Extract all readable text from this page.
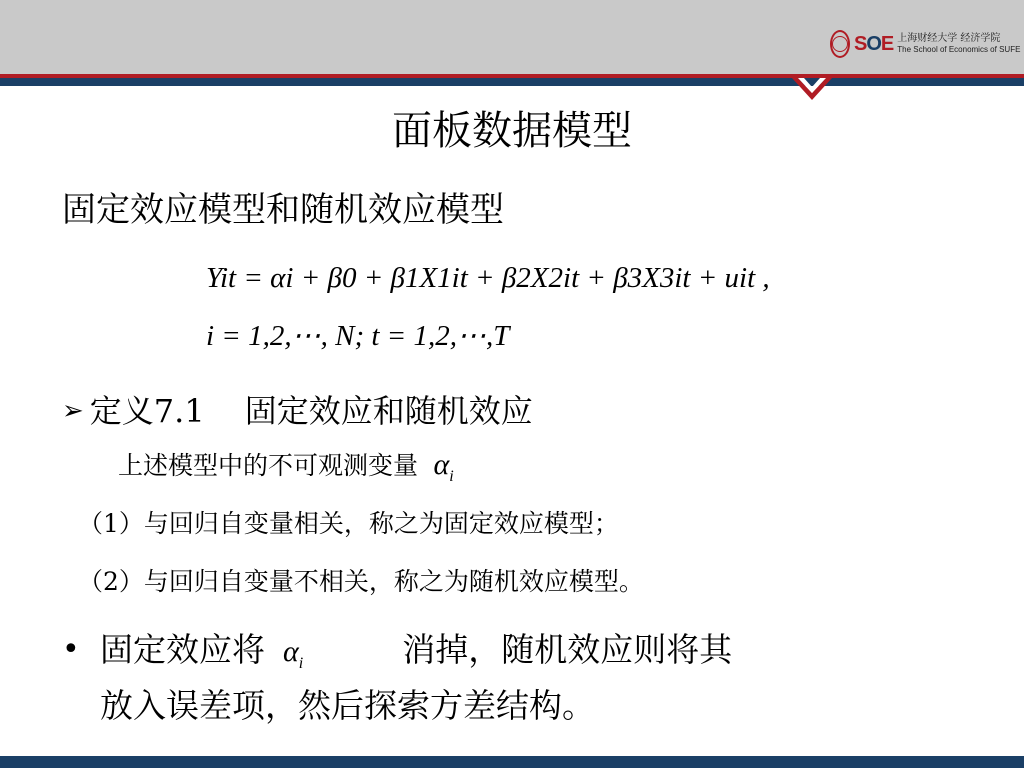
SOE 上海财经大学 经济学院
The School of Economics of SUFE
面板数据模型
固定效应模型和随机效应模型
Yit = αi + β0 + β1X1it + β2X2it + β3X3it + uit ,
i = 1,2,⋯, N; t = 1,2,⋯,T
➢ 定义7.1 固定效应和随机效应
上述模型中的不可观测变量  $\alpha_i$
（1）与回归自变量相关，称之为固定效应模型；
（2）与回归自变量不相关，称之为随机效应模型。
• 固定效应将  $\alpha_i$	消掉，随机效应则将其
放入误差项，然后探索方差结构。
